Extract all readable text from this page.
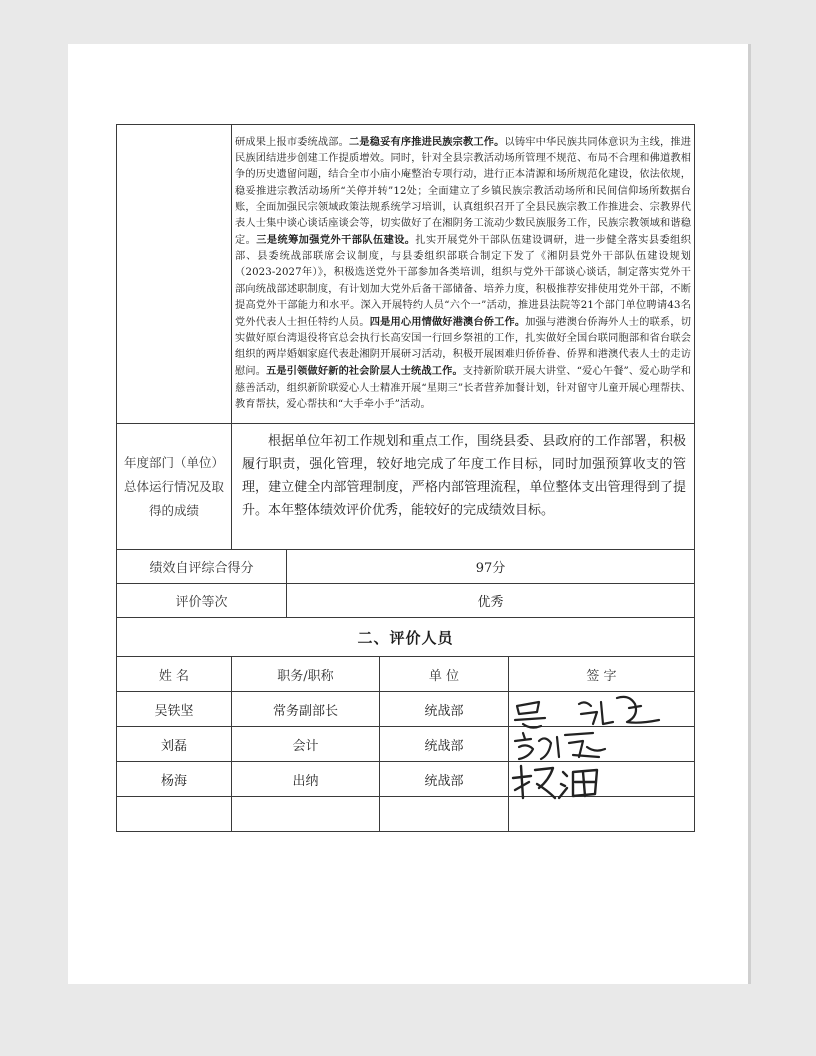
	研成果上报市委统战部。二是稳妥有序推进民族宗教工作。以铸牢中华民族共同体意识为主线，推进民族团结进步创建工作提质增效。同时，针对全县宗教活动场所管理不规范、布局不合理和佛道教相争的历史遗留问题，结合全市小庙小庵整治专项行动，进行正本清源和场所规范化建设，依法依规，稳妥推进宗教活动场所“关停并转”12处；全面建立了乡镇民族宗教活动场所和民间信仰场所数据台账，全面加强民宗领域政策法规系统学习培训，认真组织召开了全县民族宗教工作推进会、宗教界代表人士集中谈心谈话座谈会等，切实做好了在湘阴务工流动少数民族服务工作，民族宗教领域和谐稳定。三是统筹加强党外干部队伍建设。扎实开展党外干部队伍建设调研，进一步健全落实县委组织部、县委统战部联席会议制度，与县委组织部联合制定下发了《湘阴县党外干部队伍建设规划（2023-2027年）》，积极选送党外干部参加各类培训，组织与党外干部谈心谈话，制定落实党外干部向统战部述职制度，有计划加大党外后备干部储备、培养力度，积极推荐安排使用党外干部，不断提高党外干部能力和水平。深入开展特约人员“六个一”活动，推进县法院等21个部门单位聘请43名党外代表人士担任特约人员。四是用心用情做好港澳台侨工作。加强与港澳台侨海外人士的联系，切实做好原台湾退役将官总会执行长高安国一行回乡祭祖的工作，扎实做好全国台联同胞部和省台联会组织的两岸婚姻家庭代表赴湘阴开展研习活动，积极开展困难归侨侨眷、侨界和港澳代表人士的走访慰问。五是引领做好新的社会阶层人士统战工作。支持新阶联开展大讲堂、“爱心午餐”、爱心助学和慈善活动，组织新阶联爱心人士精准开展“星期三”长者营养加餐计划，针对留守儿童开展心理帮扶、教育帮扶，爱心帮扶和“大手牵小手”活动。			

年度部门（单位）总体运行情况及取得的成绩	根据单位年初工作规划和重点工作，围绕县委、县政府的工作部署，积极履行职责，强化管理，较好地完成了年度工作目标，同时加强预算收支的管理，建立健全内部管理制度，严格内部管理流程，单位整体支出管理得到了提升。本年整体绩效评价优秀，能较好的完成绩效目标。			

绩效自评综合得分		97分		
评价等次		优秀		
二、评价人员				
姓 名	职务/职称		单 位	签 字
吴铁坚	常务副部长		统战部	

刘磊	会计		统战部	

杨海	出纳		统战部	
